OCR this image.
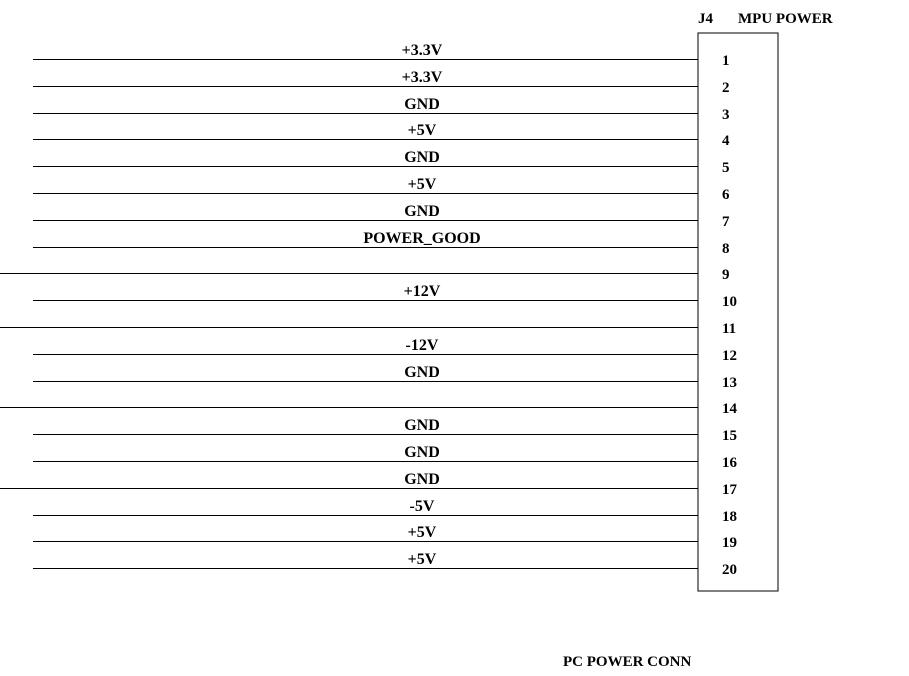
+3.3V
+3.3V
GND
+5V
GND
+5V
GND
POWER_GOOD
+12V
-12V
GND
GND
GND
GND
-5V
+5V
+5V
1
2
3
4
5
6
7
8
9
10
11
12
13
14
15
16
17
18
19
20
J4 MPU POWER
PC POWER CONN
